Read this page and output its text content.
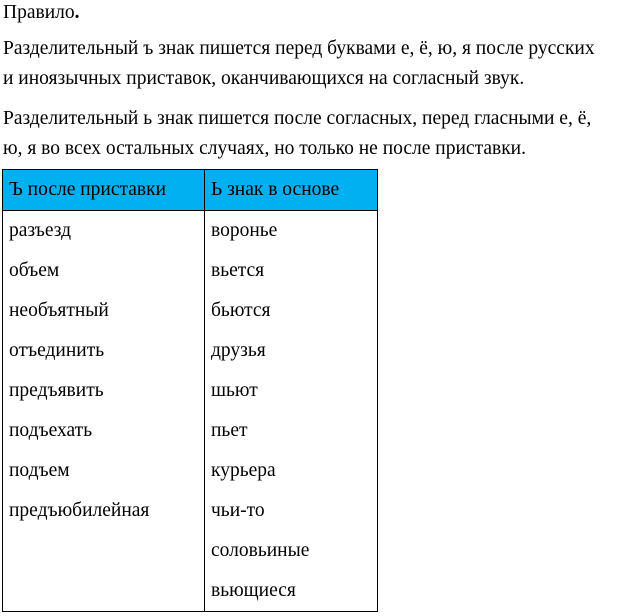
Правило.
Разделительный ъ знак пишется перед буквами е, ё, ю, я после русских
и иноязычных приставок, оканчивающихся на согласный звук.
Разделительный ь знак пишется после согласных, перед гласными е, ё,
ю, я во всех остальных случаях, но только не после приставки.
Ъ после приставки	Ь знак в основе
разъезд	воронье
объем	вьется
необъятный	бьются
отъединить	друзья
предъявить	шьют
подъехать	пьет
подъем	курьера
предъюбилейная	чьи-то
	соловьиные
	вьющиеся
